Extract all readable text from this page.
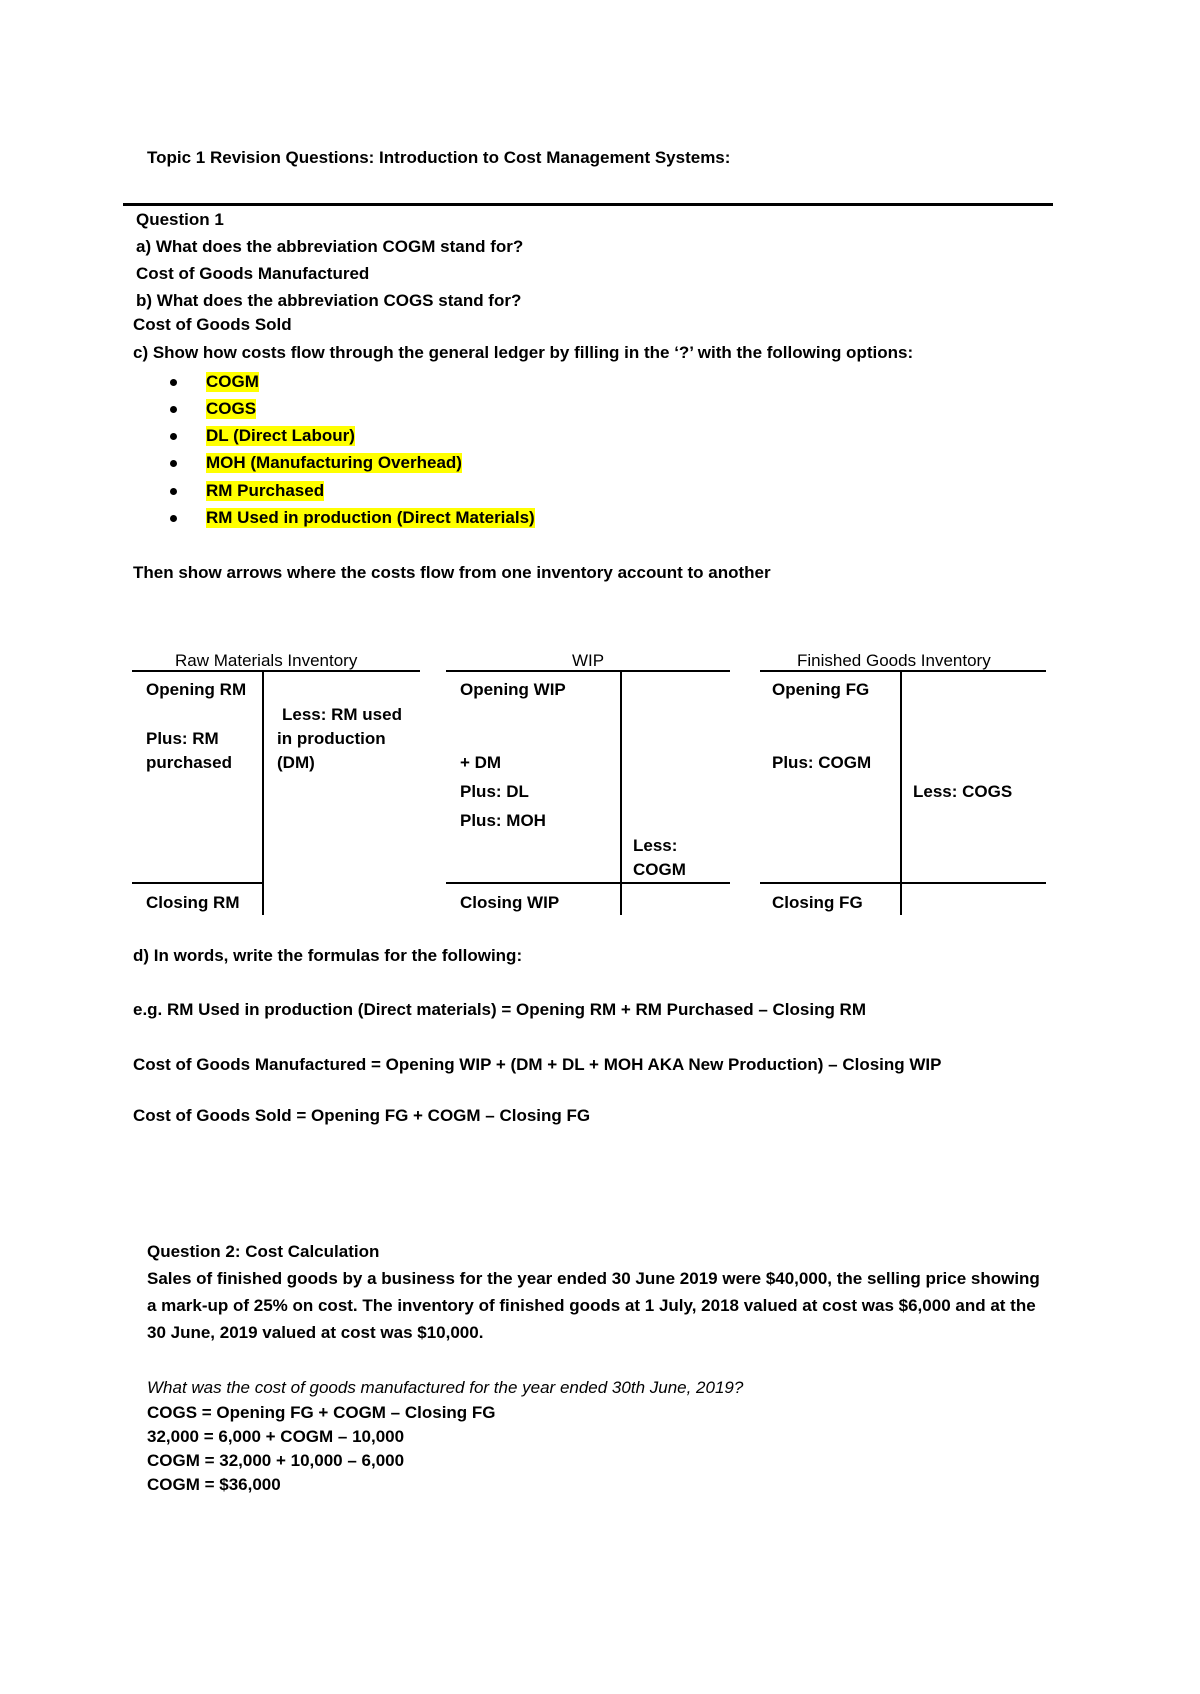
Topic 1 Revision Questions: Introduction to Cost Management Systems:
Question 1
a) What does the abbreviation COGM stand for?
Cost of Goods Manufactured
b) What does the abbreviation COGS stand for?
Cost of Goods Sold
c) Show how costs flow through the general ledger by filling in the ‘?’ with the following options:
COGM
COGS
DL (Direct Labour)
MOH (Manufacturing Overhead)
RM Purchased
RM Used in production (Direct Materials)
Then show arrows where the costs flow from one inventory account to another
Raw Materials Inventory
Opening RM
Plus: RM
purchased
Less: RM used
in production
(DM)
Closing RM
WIP
Opening WIP
+ DM
Plus: DL
Plus: MOH
Less:
COGM
Closing WIP
Finished Goods Inventory
Opening FG
Plus: COGM
Less: COGS
Closing FG
d) In words, write the formulas for the following:
e.g. RM Used in production (Direct materials) = Opening RM + RM Purchased – Closing RM
Cost of Goods Manufactured = Opening WIP + (DM + DL + MOH AKA New Production) – Closing WIP
Cost of Goods Sold = Opening FG + COGM – Closing FG
Question 2: Cost Calculation
Sales of finished goods by a business for the year ended 30 June 2019 were $40,000, the selling price showing
a mark-up of 25% on cost. The inventory of finished goods at 1 July, 2018 valued at cost was $6,000 and at the
30 June, 2019 valued at cost was $10,000.
What was the cost of goods manufactured for the year ended 30th June, 2019?
COGS = Opening FG + COGM – Closing FG
32,000 = 6,000 + COGM – 10,000
COGM = 32,000 + 10,000 – 6,000
COGM = $36,000
